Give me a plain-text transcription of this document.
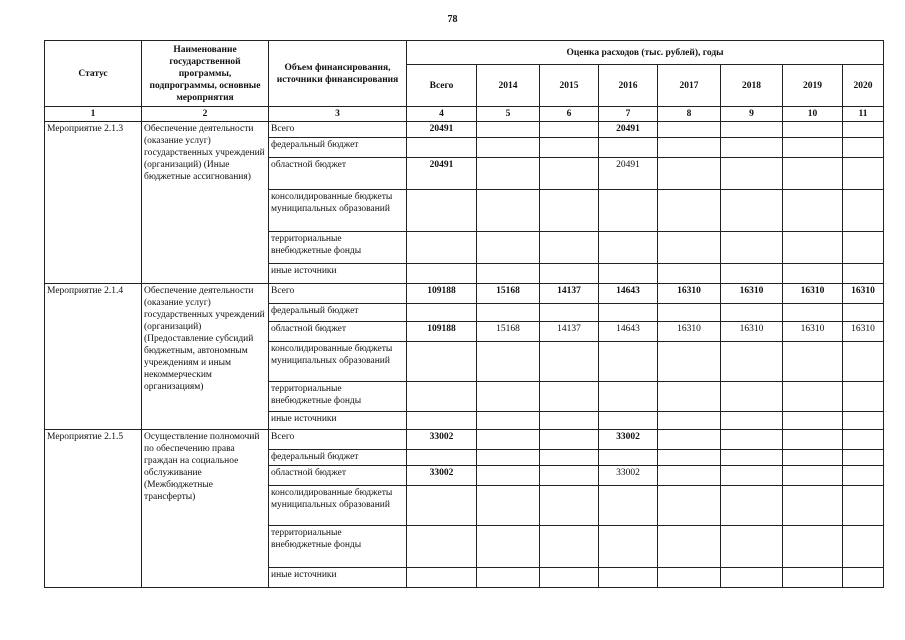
78
Статус	Наименование государственной программы, подпрограммы, основные мероприятия	Объем финансирования, источники финансирования	Оценка расходов (тыс. рублей), годы							
			Всего	2014	2015	2016	2017	2018	2019	2020
1	2	3	4	5	6	7	8	9	10	11
Мероприятие 2.1.3	Обеспечение деятельности (оказание услуг) государственных учреждений (организаций) (Иные бюджетные ассигнования)	Всего	20491			20491				
		федеральный бюджет								
		областной бюджет	20491			20491				
		консолидированные бюджеты муниципальных образований								
		территориальные внебюджетные фонды								
		иные источники								
Мероприятие 2.1.4	Обеспечение деятельности (оказание услуг) государственных учреждений (организаций) (Предоставление субсидий бюджетным, автономным учреждениям и иным некоммерческим организациям)	Всего	109188	15168	14137	14643	16310	16310	16310	16310
		федеральный бюджет								
		областной бюджет	109188	15168	14137	14643	16310	16310	16310	16310
		консолидированные бюджеты муниципальных образований								
		территориальные внебюджетные фонды								
		иные источники								
Мероприятие 2.1.5	Осуществление полномочий по обеспечению права граждан на социальное обслуживание (Межбюджетные трансферты)	Всего	33002			33002				
		федеральный бюджет								
		областной бюджет	33002			33002				
		консолидированные бюджеты муниципальных образований								
		территориальные внебюджетные фонды								
		иные источники								
